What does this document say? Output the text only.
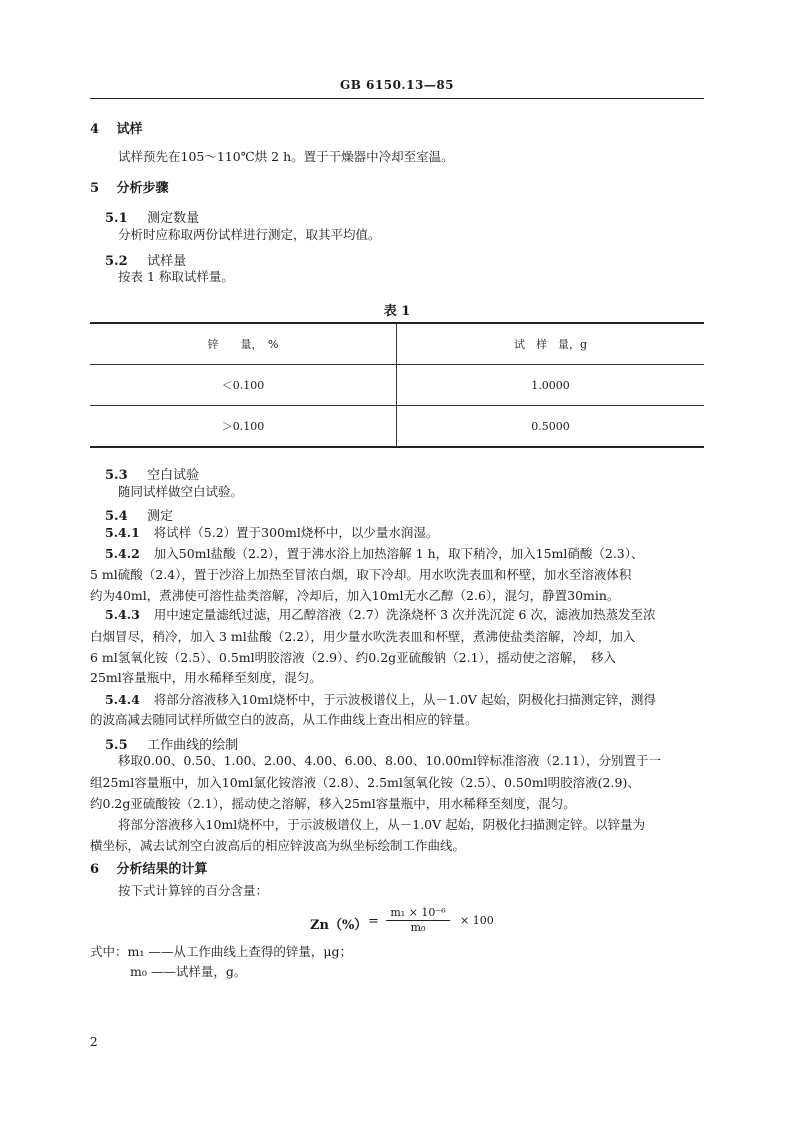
GB 6150.13—85
4 试样
试样预先在105～110℃烘 2 h。置于干燥器中冷却至室温。
5 分析步骤
5.1 测定数量
分析时应称取两份试样进行测定，取其平均值。
5.2 试样量
按表 1 称取试样量。
表 1
锌　　量，　%	试　样　量，g
＜0.100	1.0000
＞0.100	0.5000
5.3 空白试验
随同试样做空白试验。
5.4 测定
5.4.1 将试样（5.2）置于300ml烧杯中，以少量水润湿。
5.4.2 加入50ml盐酸（2.2），置于沸水浴上加热溶解 1 h，取下稍冷，加入15ml硝酸（2.3）、
5 ml硫酸（2.4），置于沙浴上加热至冒浓白烟，取下冷却。用水吹洗表皿和杯壁，加水至溶液体积
约为40ml，煮沸使可溶性盐类溶解，冷却后，加入10ml无水乙醇（2.6），混匀，静置30min。
5.4.3 用中速定量滤纸过滤，用乙醇溶液（2.7）洗涤烧杯 3 次并洗沉淀 6 次，滤液加热蒸发至浓
白烟冒尽，稍冷，加入 3 ml盐酸（2.2），用少量水吹洗表皿和杯壁，煮沸使盐类溶解，冷却，加入
6 ml氢氧化铵（2.5）、0.5ml明胶溶液（2.9）、约0.2g亚硫酸钠（2.1），摇动使之溶解，　移入
25ml容量瓶中，用水稀释至刻度，混匀。
5.4.4 将部分溶液移入10ml烧杯中，于示波极谱仪上，从－1.0V 起始，阴极化扫描测定锌，测得
的波高减去随同试样所做空白的波高，从工作曲线上查出相应的锌量。
5.5 工作曲线的绘制
移取0.00、0.50、1.00、2.00、4.00、6.00、8.00、10.00ml锌标准溶液（2.11），分别置于一
组25ml容量瓶中，加入10ml氯化铵溶液（2.8）、2.5ml氢氧化铵（2.5）、0.50ml明胶溶液(2.9)、
约0.2g亚硫酸铵（2.1），摇动使之溶解，移入25ml容量瓶中，用水稀释至刻度，混匀。
将部分溶液移入10ml烧杯中，于示波极谱仪上，从－1.0V 起始，阴极化扫描测定锌。以锌量为
横坐标，减去试剂空白波高后的相应锌波高为纵坐标绘制工作曲线。
6 分析结果的计算
按下式计算锌的百分含量：
$Zn(\%) = \frac{\text{m₁ × 10⁻⁶}}{\text{m₀}} \times 100$
式中：m₁ ——从工作曲线上查得的锌量，μg；
m₀ ——试样量，g。
2
